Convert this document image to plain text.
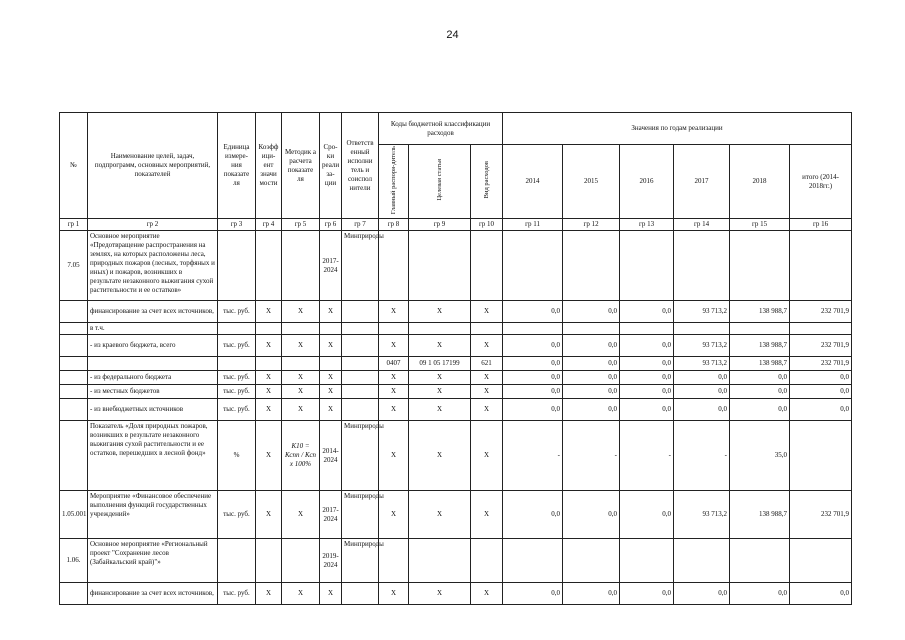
24
№	Наименование целей, задач, подпрограмм, основных мероприятий, показателей	Единица измере-ния показате ля	Коэфф ици-ент значи мости	Методик а расчета показате ля	Сро-ки реали за-ции	Ответств енный исполни тель и соиспол нители	Коды бюджетной классификации расходов			Значения по годам реализации					
							Главный распоря-дитель	Целевая статья	Вид расходов	2014	2015	2016	2017	2018	итого (2014-2018гг.)
гр 1	гр 2	гр 3	гр 4	гр 5	гр 6	гр 7	гр 8	гр 9	гр 10	гр 11	гр 12	гр 13	гр 14	гр 15	гр 16
7.05	Основное мероприятие «Предотвращение распространения на землях, на которых расположены леса, природных пожаров (лесных, торфяных и иных) и пожаров, возникших в результате незаконного выжигания сухой растительности и ее остатков»				2017-2024	Минприроды									
	финансирование за счет всех источников,	тыс. руб.	X	X	X		X	X	X	0,0	0,0	0,0	93 713,2	138 988,7	232 701,9
	в т.ч.														
	- из краевого бюджета, всего	тыс. руб.	X	X	X		X	X	X	0,0	0,0	0,0	93 713,2	138 988,7	232 701,9
							0407	09 1 05 17199	621	0,0	0,0	0,0	93 713,2	138 988,7	232 701,9
	- из федерального бюджета	тыс. руб.	X	X	X		X	X	X	0,0	0,0	0,0	0,0	0,0	0,0
	- из местных бюджетов	тыс. руб.	X	X	X		X	X	X	0,0	0,0	0,0	0,0	0,0	0,0
	- из внебюджетных источников	тыс. руб.	X	X	X		X	X	X	0,0	0,0	0,0	0,0	0,0	0,0
	Показатель «Доля природных пожаров, возникших в результате незаконного выжигания сухой растительности и ее остатков, перешедших в лесной фонд»	%	X	К10 = Кспп / Ксп х 100%	2014-2024	Минприроды	X	X	X	-	-	-	-	35,0	
1.05.001	Мероприятие «Финансовое обеспечение выполнения функций государственных учреждений»	тыс. руб.	X	X	2017-2024	Минприроды	X	X	X	0,0	0,0	0,0	93 713,2	138 988,7	232 701,9
1.06.	Основное мероприятие «Региональный проект "Сохранение лесов (Забайкальский край)"»				2019-2024	Минприроды									
	финансирование за счет всех источников,	тыс. руб.	X	X	X		X	X	X	0,0	0,0	0,0	0,0	0,0	0,0
